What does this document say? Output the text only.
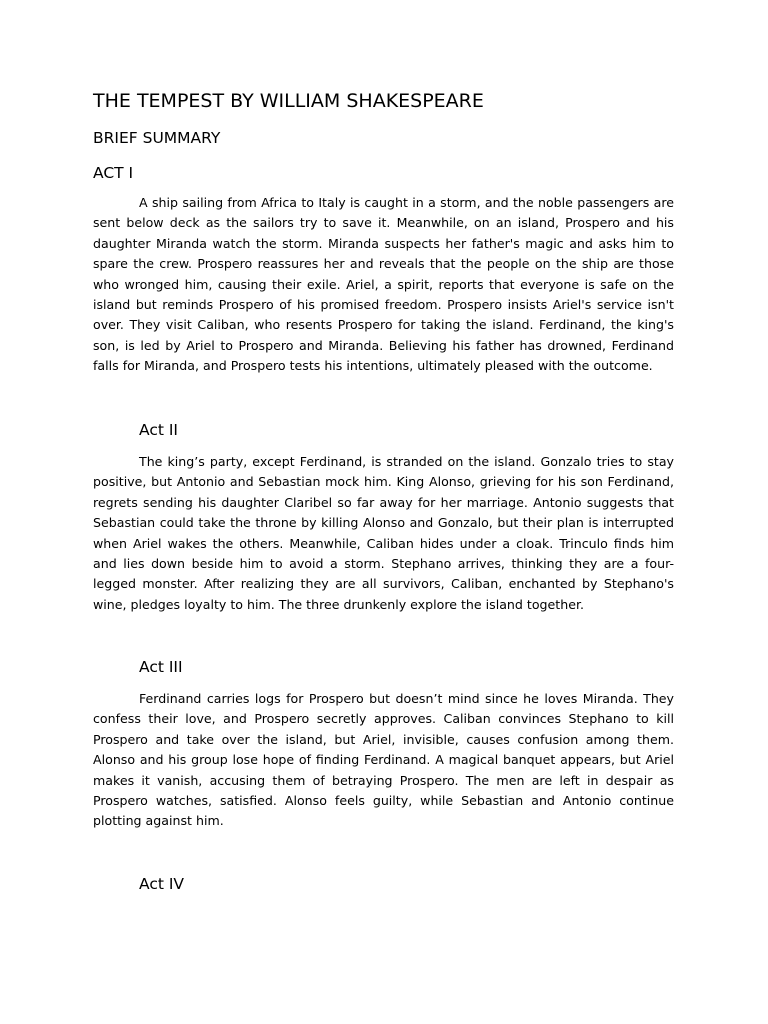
THE TEMPEST BY WILLIAM SHAKESPEARE
BRIEF SUMMARY
ACT I

A ship sailing from Africa to Italy is caught in a storm, and the noble passengers are sent below deck as the sailors try to save it. Meanwhile, on an island, Prospero and his daughter Miranda watch the storm. Miranda suspects her father's magic and asks him to spare the crew. Prospero reassures her and reveals that the people on the ship are those who wronged him, causing their exile. Ariel, a spirit, reports that everyone is safe on the island but reminds Prospero of his promised freedom. Prospero insists Ariel's service isn't over. They visit Caliban, who resents Prospero for taking the island. Ferdinand, the king's son, is led by Ariel to Prospero and Miranda. Believing his father has drowned, Ferdinand falls for Miranda, and Prospero tests his intentions, ultimately pleased with the outcome.

Act II

The king’s party, except Ferdinand, is stranded on the island. Gonzalo tries to stay positive, but Antonio and Sebastian mock him. King Alonso, grieving for his son Ferdinand, regrets sending his daughter Claribel so far away for her marriage. Antonio suggests that Sebastian could take the throne by killing Alonso and Gonzalo, but their plan is interrupted when Ariel wakes the others. Meanwhile, Caliban hides under a cloak. Trinculo finds him and lies down beside him to avoid a storm. Stephano arrives, thinking they are a four-legged monster. After realizing they are all survivors, Caliban, enchanted by Stephano's wine, pledges loyalty to him. The three drunkenly explore the island together.

Act III

Ferdinand carries logs for Prospero but doesn’t mind since he loves Miranda. They confess their love, and Prospero secretly approves. Caliban convinces Stephano to kill Prospero and take over the island, but Ariel, invisible, causes confusion among them. Alonso and his group lose hope of finding Ferdinand. A magical banquet appears, but Ariel makes it vanish, accusing them of betraying Prospero. The men are left in despair as Prospero watches, satisfied. Alonso feels guilty, while Sebastian and Antonio continue plotting against him.

Act IV
